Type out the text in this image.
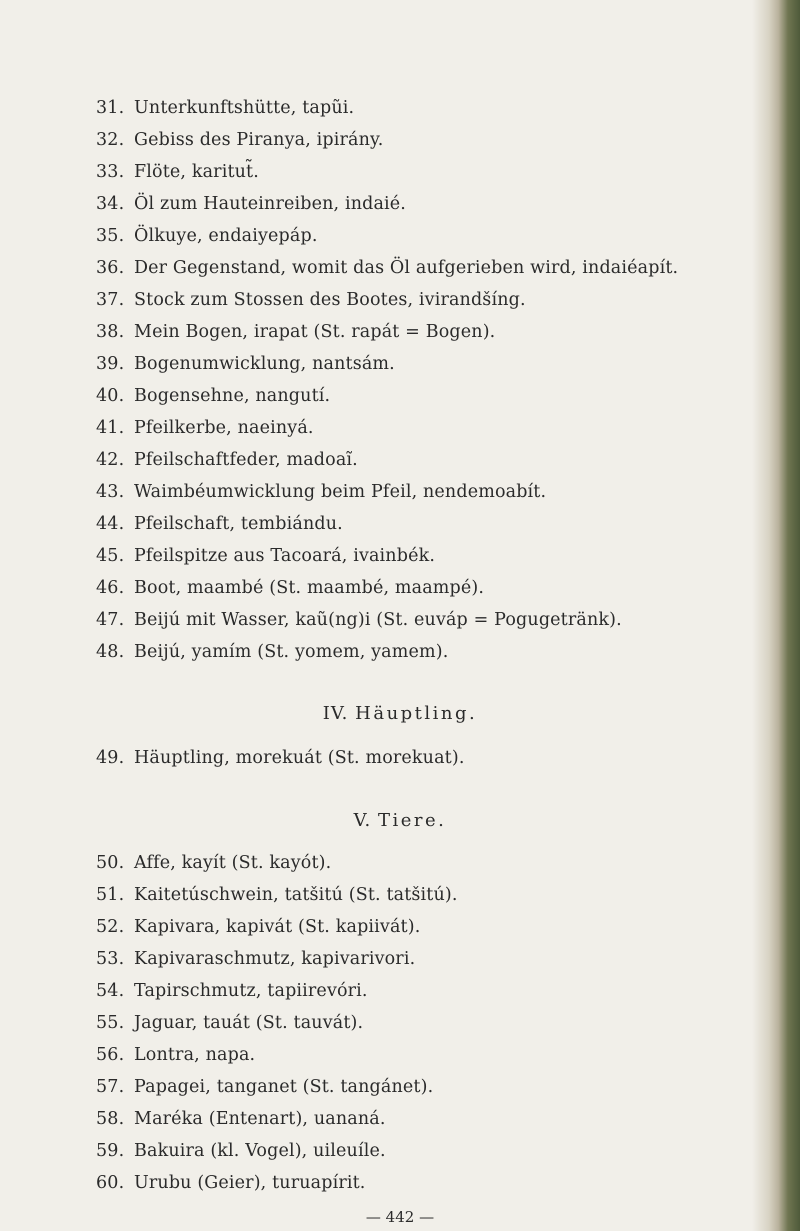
31. Unterkunftshütte, tapũi.
32. Gebiss des Piranya, ipirány.
33. Flöte, karitut̃.
34. Öl zum Hauteinreiben, indaié.
35. Ölkuye, endaiyepáp.
36. Der Gegenstand, womit das Öl aufgerieben wird, indaiéapít.
37. Stock zum Stossen des Bootes, ivirandšíng.
38. Mein Bogen, irapat (St. rapát = Bogen).
39. Bogenumwicklung, nantsám.
40. Bogensehne, nangutí.
41. Pfeilkerbe, naeinyá.
42. Pfeilschaftfeder, madoaĩ.
43. Waimbéumwicklung beim Pfeil, nendemoabít.
44. Pfeilschaft, tembiándu.
45. Pfeilspitze aus Tacoará, ivainbék.
46. Boot, maambé (St. maambé, maampé).
47. Beijú mit Wasser, kaũ(ng)i (St. euváp = Pogugetränk).
48. Beijú, yamím (St. yomem, yamem).
IV. Häuptling.
49. Häuptling, morekuát (St. morekuat).
V. Tiere.
50. Affe, kayít (St. kayót).
51. Kaitetúschwein, tatšitú (St. tatšitú).
52. Kapivara, kapivát (St. kapiivát).
53. Kapivaraschmutz, kapivarivori.
54. Tapirschmutz, tapiirevóri.
55. Jaguar, tauát (St. tauvát).
56. Lontra, napa.
57. Papagei, tanganet (St. tangánet).
58. Maréka (Entenart), uananá.
59. Bakuira (kl. Vogel), uileuíle.
60. Urubu (Geier), turuapírit.
— 442 —
